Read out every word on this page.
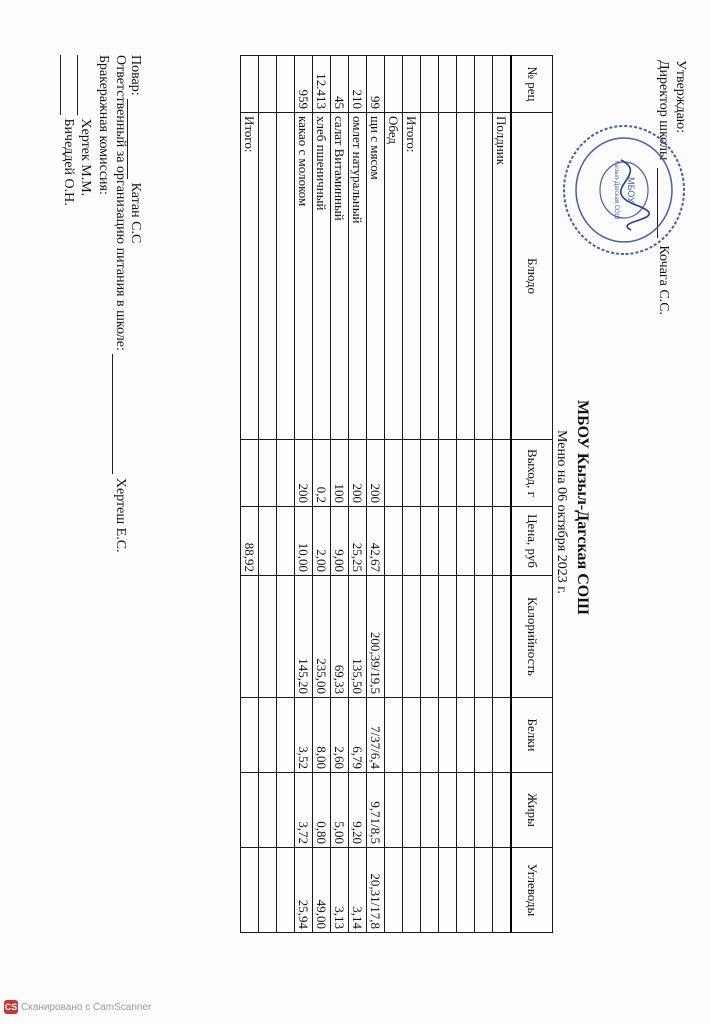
Утверждаю:
Директор школы  Кочага С.С.
МБОУ
Кызыл-Дагская СОШ
МБОУ Кызыл-Дагская СОШ
Меню на 06 октября 2023 г.
№ рец	Блюдо	Выход, г	Цена, руб	Калорийность	Белки	Жиры	Углеводы
	Полдник						

	Итого:						
	Обед						
99	щи с мясом	200	42,67	200,39/19,5	7/37/6,4	9,71/8,5	20,31/17,8
210	омлет натуральный	200	25,25	135,50	6,79	9,20	3,14
45	салат Витаминный	100	9,00	69,33	2,60	5,00	3,13
12.413	хлеб пшеничный	0,2	2,00	235,00	8,00	0,80	49,00
959	какао с молоком	200	10,00	145,20	3,52	3,72	25,94

	Итого:		88,92				
Повар:  Катан С.С
Ответственный за организацию питания в школе:  Хертеш Е.С.
Бракеражная комиссия:
Хертек М.М.
Бичеддей О.Н.
CS Сканировано с CamScanner
